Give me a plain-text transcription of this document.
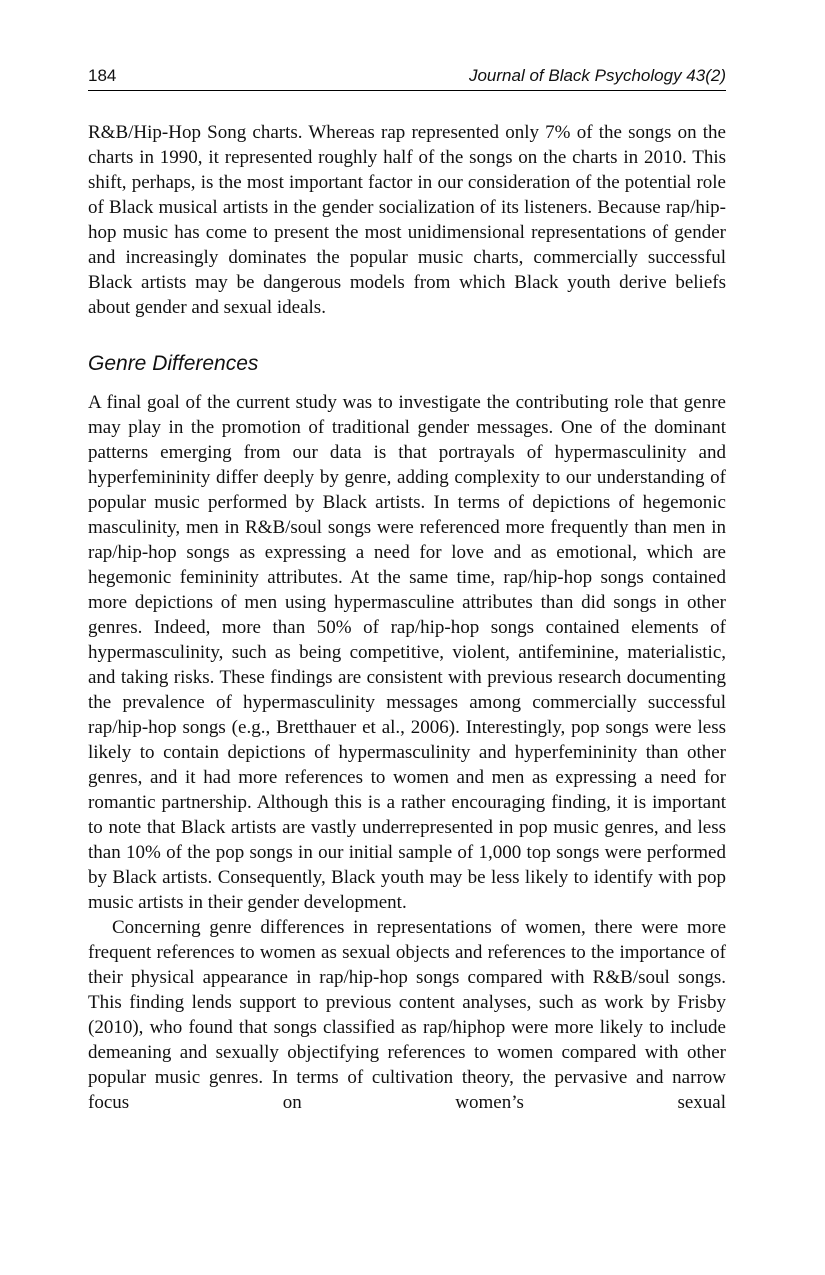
184	Journal of Black Psychology 43(2)

R&B/Hip-Hop Song charts. Whereas rap represented only 7% of the songs on the charts in 1990, it represented roughly half of the songs on the charts in 2010. This shift, perhaps, is the most important factor in our consideration of the potential role of Black musical artists in the gender socialization of its listeners. Because rap/hip-hop music has come to present the most unidimensional representations of gender and increasingly dominates the popular music charts, commercially successful Black artists may be dangerous models from which Black youth derive beliefs about gender and sexual ideals.

Genre Differences

A final goal of the current study was to investigate the contributing role that genre may play in the promotion of traditional gender messages. One of the dominant patterns emerging from our data is that portrayals of hypermasculinity and hyperfemininity differ deeply by genre, adding complexity to our understanding of popular music performed by Black artists. In terms of depictions of hegemonic masculinity, men in R&B/soul songs were referenced more frequently than men in rap/hip-hop songs as expressing a need for love and as emotional, which are hegemonic femininity attributes. At the same time, rap/hip-hop songs contained more depictions of men using hypermasculine attributes than did songs in other genres. Indeed, more than 50% of rap/hip-hop songs contained elements of hypermasculinity, such as being competitive, violent, antifeminine, materialistic, and taking risks. These findings are consistent with previous research documenting the prevalence of hypermasculinity messages among commercially successful rap/hip-hop songs (e.g., Bretthauer et al., 2006). Interestingly, pop songs were less likely to contain depictions of hypermasculinity and hyperfemininity than other genres, and it had more references to women and men as expressing a need for romantic partnership. Although this is a rather encouraging finding, it is important to note that Black artists are vastly underrepresented in pop music genres, and less than 10% of the pop songs in our initial sample of 1,000 top songs were performed by Black artists. Consequently, Black youth may be less likely to identify with pop music artists in their gender development.

Concerning genre differences in representations of women, there were more frequent references to women as sexual objects and references to the importance of their physical appearance in rap/hip-hop songs compared with R&B/soul songs. This finding lends support to previous content analyses, such as work by Frisby (2010), who found that songs classified as rap/hiphop were more likely to include demeaning and sexually objectifying references to women compared with other popular music genres. In terms of cultivation theory, the pervasive and narrow focus on women’s sexual
